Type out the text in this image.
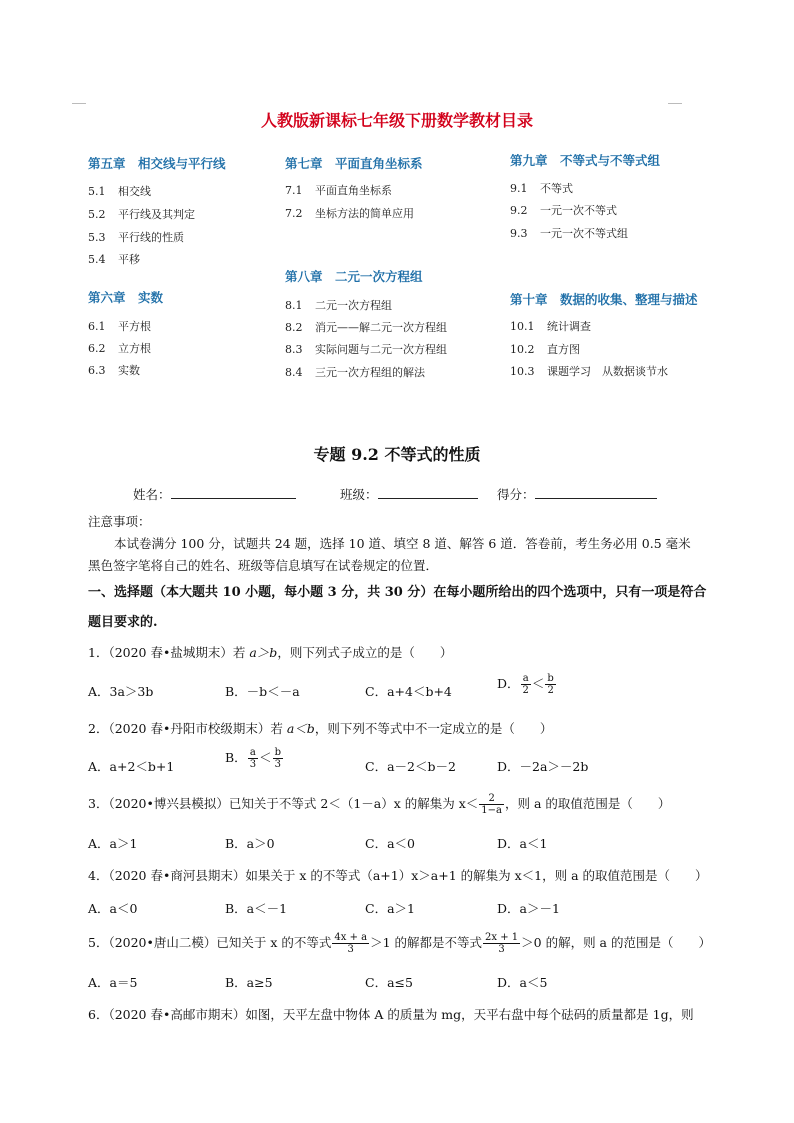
人教版新课标七年级下册数学教材目录
第五章　相交线与平行线
5.1 相交线
5.2 平行线及其判定
5.3 平行线的性质
5.4 平移
第六章　实数
6.1 平方根
6.2 立方根
6.3 实数
第七章　平面直角坐标系
7.1 平面直角坐标系
7.2 坐标方法的简单应用
第八章　二元一次方程组
8.1 二元一次方程组
8.2 消元——解二元一次方程组
8.3 实际问题与二元一次方程组
8.4 三元一次方程组的解法
第九章　不等式与不等式组
9.1 不等式
9.2 一元一次不等式
9.3 一元一次不等式组
第十章　数据的收集、整理与描述
10.1 统计调查
10.2 直方图
10.3 课题学习　从数据谈节水
专题 9.2 不等式的性质
姓名：	班级：	得分：
注意事项：
本试卷满分 100 分，试题共 24 题，选择 10 道、填空 8 道、解答 6 道．答卷前，考生务必用 0.5 毫米
黑色签字笔将自己的姓名、班级等信息填写在试卷规定的位置．
一、选择题（本大题共 10 小题，每小题 3 分，共 30 分）在每小题所给出的四个选项中，只有一项是符合
题目要求的.
1．（2020 春•盐城期末）若 a＞b，则下列式子成立的是（　　）
A．3a＞3b	B．－b＜－a	C．a+4＜b+4
D． $\frac{a}{2} < \frac{b}{2}$
2．（2020 春•丹阳市校级期末）若 a＜b，则下列不等式中不一定成立的是（　　）
A．a+2＜b+1
B． $\frac{a}{3} < \frac{b}{3}$	C．a－2＜b－2	D．－2a＞－2b
3．（2020•博兴县模拟）已知关于不等式 2＜（1－a）x 的解集为 $x< \frac{2}{1-a}$ ，则 a 的取值范围是（　　）
A．a＞1	B．a＞0	C．a＜0	D．a＜1
4．（2020 春•商河县期末）如果关于 x 的不等式（a+1）x＞a+1 的解集为 x＜1，则 a 的取值范围是（　　）
A．a＜0	B．a＜－1	C．a＞1	D．a＞－1
5．（2020•唐山二模）已知关于 x 的不等式 $\frac{4x + a}{3} >1$ 的解都是不等式 $\frac{2x + 1}{3} >0$ 的解，则 a 的范围是（　　）
A．a＝5	B．a≥5	C．a≤5	D．a＜5
6．（2020 春•高邮市期末）如图，天平左盘中物体 A 的质量为 mg，天平右盘中每个砝码的质量都是 1g，则
